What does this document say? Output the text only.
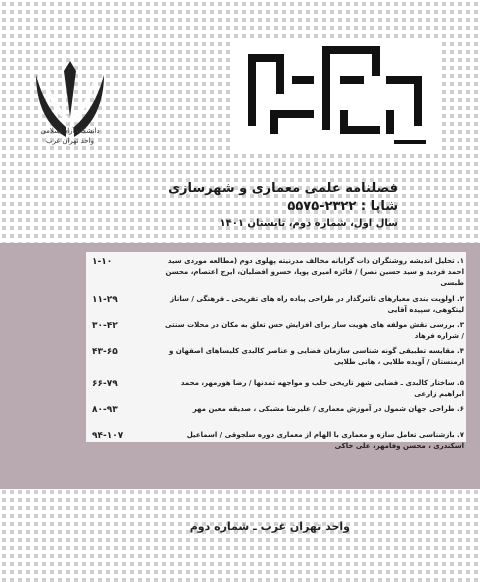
دانشگاه آزاد اسلامی
واحد تهران غرب
فصلنامه علمی معماری و شهرسازی
شاپا : ۲۳۲۲-۵۵۷۵
سال اول، شماره دوم، تابستان ۱۴۰۱
۱. تحلیل اندیشه روشنگران ذات گرایانه مخالف مدرنیته پهلوی دوم (مطالعه موردی سید احمد فردید و سید حسین نصر) / فائزه امیری پویا، خسرو افضلیان، ایرج اعتصام، محسن طبسی
۱-۱۰
۲. اولویت بندی معیارهای تاثیرگذار در طراحی پیاده راه های تفریحی ـ فرهنگی / ساناز لیتکوهی، سپیده آقایی
۱۱-۲۹
۳. بررسی نقش مولفه های هویت ساز برای افزایش حس تعلق به مکان در محلات سنتی / شراره فرهاد
۳۰-۴۲
۴. مقایسه تطبیقی گونه شناسی سازمان فضایی و عناصر کالبدی کلیساهای اصفهان و ارمنستان / آویده طلایی ، هانی طلایی
۴۳-۶۵
۵. ساختار کالبدی ـ فضایی شهر تاریخی حلب و مواجهه تمدنها / رضا هورمهر، محمد ابراهیم زارعی
۶۶-۷۹
۶. طراحی جهان شمول در آموزش معماری / علیرضا مشبکی ، صدیقه معین مهر
۸۰-۹۳
۷. بازشناسی تعامل سازه و معماری با الهام از معماری دوره سلجوقی / اسماعیل اسکندری ، محسن وفامهر، علی خاکی
۹۴-۱۰۷
واحد تهران غرب ـ شماره دوم
